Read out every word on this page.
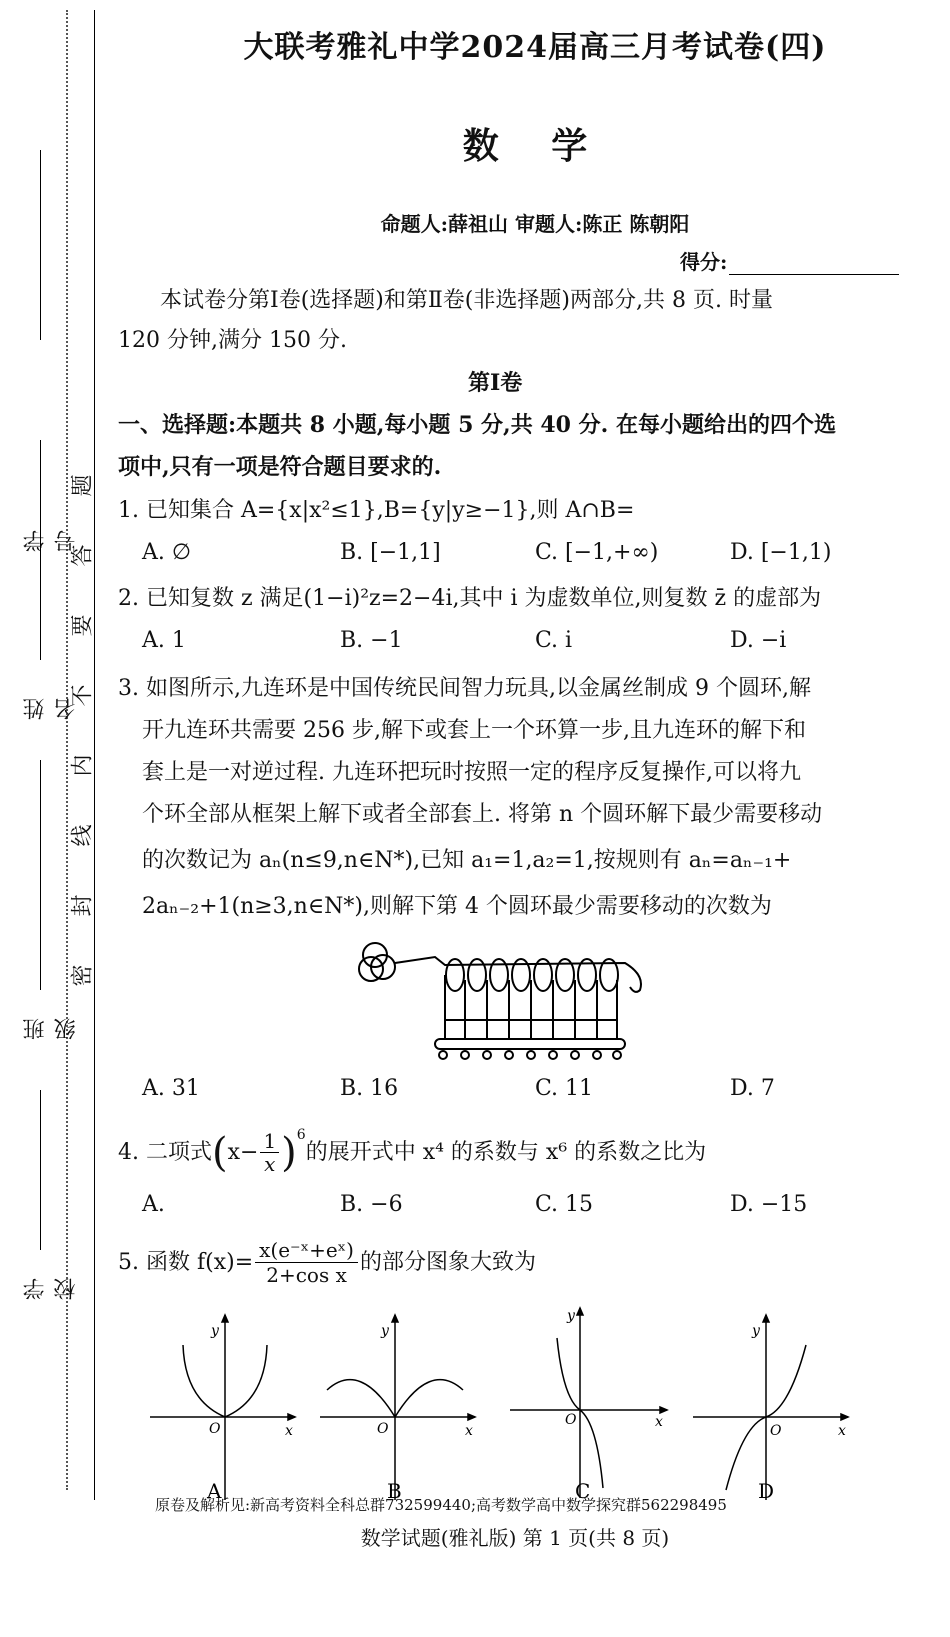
学 号
姓 名
班 级
学 校
题
答
要
不
内
线
封
密
大联考雅礼中学2024届高三月考试卷(四)
数 学
命题人:薛祖山 审题人:陈正 陈朝阳
得分:
本试卷分第Ⅰ卷(选择题)和第Ⅱ卷(非选择题)两部分,共 8 页. 时量
120 分钟,满分 150 分.
第Ⅰ卷
一、选择题:本题共 8 小题,每小题 5 分,共 40 分. 在每小题给出的四个选
项中,只有一项是符合题目要求的.
1. 已知集合 A={x|x²≤1},B={y|y≥−1},则 A∩B=
A. ∅	B. [−1,1]	C. [−1,+∞)	D. [−1,1)
2. 已知复数 z 满足(1−i)²z=2−4i,其中 i 为虚数单位,则复数 z̄ 的虚部为
A. 1	B. −1	C. i	D. −i
3. 如图所示,九连环是中国传统民间智力玩具,以金属丝制成 9 个圆环,解
开九连环共需要 256 步,解下或套上一个环算一步,且九连环的解下和
套上是一对逆过程. 九连环把玩时按照一定的程序反复操作,可以将九
个环全部从框架上解下或者全部套上. 将第 n 个圆环解下最少需要移动
的次数记为 aₙ(n≤9,n∈N*),已知 a₁=1,a₂=1,按规则有 aₙ=aₙ₋₁+
2aₙ₋₂+1(n≥3,n∈N*),则解下第 4 个圆环最少需要移动的次数为
A. 31	B. 16	C. 11	D. 7
4. 二项式 ( $x- \frac{1}{x}$ ) 6
的展开式中 x⁴ 的系数与 x⁶ 的系数之比为
A.	B. −6	C. 15	D. −15
5. 函数 $f(x)= \frac{\text{x(e⁻ˣ+eˣ)}}{\text{2+cos x}}$ 的部分图象大致为
y
x
O
A
y
x
O
B
y
x
O
C
y
x
O
D
原卷及解析见:新高考资料全科总群732599440;高考数学高中数学探究群562298495
数学试题(雅礼版) 第 1 页(共 8 页)
